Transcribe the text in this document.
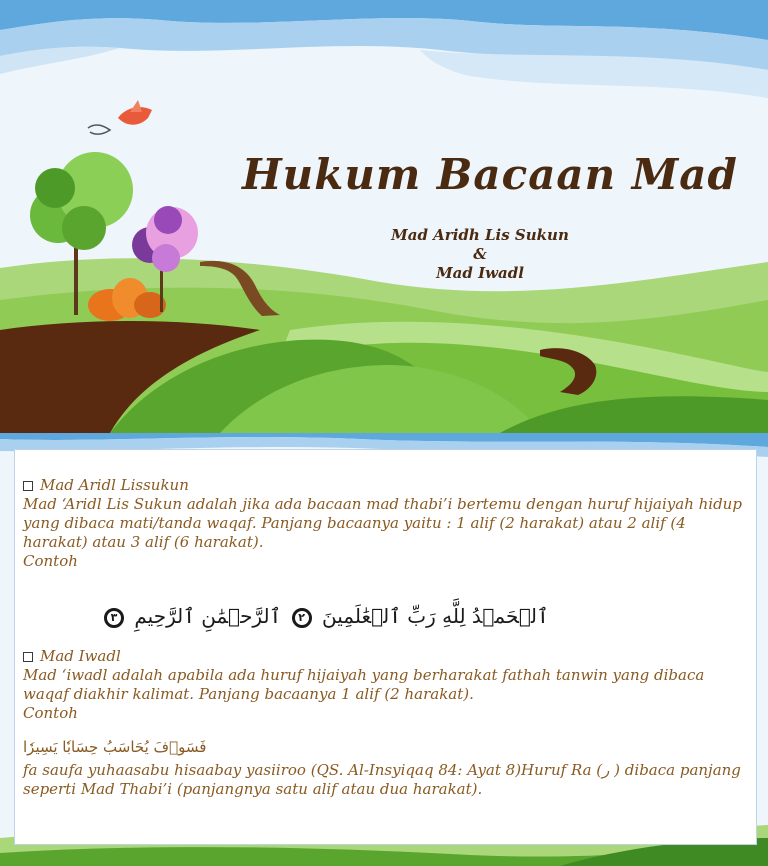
Hukum Bacaan Mad
Mad Aridh Lis Sukun
&
Mad Iwadl
Mad Aridl Lissukun
Mad ‘Aridl Lis Sukun adalah jika ada bacaan mad thabi’i bertemu dengan huruf hijaiyah hidup yang dibaca mati/tanda waqaf. Panjang bacaanya yaitu : 1 alif (2 harakat) atau 2 alif (4 harakat) atau 3 alif (6 harakat).
Contoh
ٱلۡحَمۡدُ لِلَّهِ رَبِّ ٱلۡعَٰلَمِينَ ٢ ٱلرَّحۡمَٰنِ ٱلرَّحِيمِ ٣
Mad Iwadl
Mad ‘iwadl adalah apabila ada huruf hijaiyah yang berharakat fathah tanwin yang dibaca waqaf diakhir kalimat. Panjang bacaanya 1 alif (2 harakat).
Contoh
فَسَوۡفَ يُحَاسَبُ حِسَابٗا يَسِيرٗا
fa saufa yuhaasabu hisaabay yasiiroo (QS. Al-Insyiqaq 84: Ayat 8)Huruf Ra (ر ) dibaca panjang seperti Mad Thabi’i (panjangnya satu alif atau dua harakat).
